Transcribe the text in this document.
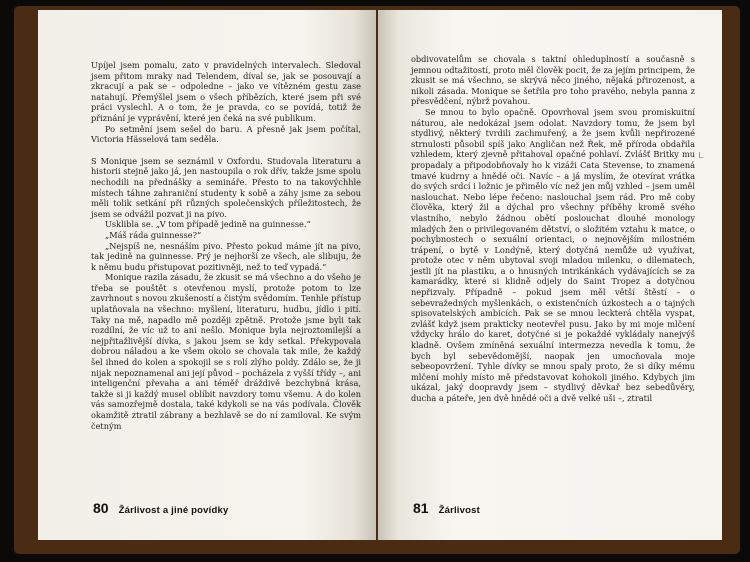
Upíjel jsem pomalu, zato v pravidelných intervalech. Sledoval jsem přitom mraky nad Telendem, díval se, jak se posouvají a zkracují a pak se – odpoledne – jako ve vítězném gestu zase natahují. Přemýšlel jsem o všech příbězích, které jsem při své práci vyslechl. A o tom, že je pravda, co se povídá, totiž že přiznání je vyprávění, které jen čeká na své publikum.

Po setmění jsem sešel do baru. A přesně jak jsem počítal, Victoria Hässelová tam seděla.

S Monique jsem se seznámil v Oxfordu. Studovala literaturu a historii stejně jako já, jen nastoupila o rok dřív, takže jsme spolu nechodili na přednášky a semináře. Přesto to na takovýchhle místech táhne zahraniční studenty k sobě a záhy jsme za sebou měli tolik setkání při různých společenských příležitostech, že jsem se odvážil pozvat ji na pivo.

Usklibla se. „V tom případě jedině na guinnesse.“

„Máš ráda guinnesse?“

„Nejspíš ne, nesnáším pivo. Přesto pokud máme jít na pivo, tak jedině na guinnesse. Prý je nejhorší ze všech, ale slibuju, že k němu budu přistupovat pozitivněji, než to teď vypadá.“

Monique razila zásadu, že zkusit se má všechno a do všeho je třeba se pouštět s otevřenou myslí, protože potom to lze zavrhnout s novou zkušeností a čistým svědomím. Tenhle přístup uplatňovala na všechno: myšlení, literaturu, hudbu, jídlo i pití. Taky na mě, napadlo mě později zpětně. Protože jsme byli tak rozdílní, že víc už to ani nešlo. Monique byla nejroztomilejší a nejpřitažlivější dívka, s jakou jsem se kdy setkal. Překypovala dobrou náladou a ke všem okolo se chovala tak mile, že každý šel ihned do kolen a spokojil se s rolí zlýho poldy. Zdálo se, že ji nijak nepoznamenal ani její původ – pocházela z vyšší třídy –, ani inteligenční převaha a ani téměř dráždivě bezchybná krása, takže si ji každý musel oblíbit navzdory tomu všemu. A do kolen vás samozřejmě dostala, také kdykoli se na vás podívala. Člověk okamžitě ztratil zábrany a bezhlavě se do ní zamiloval. Ke svým četným

80 Žárlivost a jiné povídky

obdivovatelům se chovala s taktní ohleduplností a současně s jemnou odtažitostí, proto měl člověk pocit, že za jejím principem, že zkusit se má všechno, se skrývá něco jiného, nějaká přirozenost, a nikoli zásada. Monique se šetřila pro toho pravého, nebyla panna z přesvědčení, nýbrž povahou.

Se mnou to bylo opačně. Opovrhoval jsem svou promiskuitní náturou, ale nedokázal jsem odolat. Navzdory tomu, že jsem byl stydlivý, některý tvrdili zachmuřený, a že jsem kvůli nepřirozené strnulosti působil spíš jako Angličan než Řek, mě příroda obdařila vzhledem, který zjevně přitahoval opačné pohlaví. Zvlášť Britky mu propadaly a připodobňovaly ho k vizáži Cata Stevense, to znamená tmavé kudrny a hnědé oči. Navíc – a já myslím, že otevírat vrátka do svých srdcí i ložnic je přimělo víc než jen můj vzhled – jsem uměl naslouchat. Nebo lépe řečeno: naslouchal jsem rád. Pro mě coby člověka, který žil a dýchal pro všechny příběhy kromě svého vlastního, nebylo žádnou obětí poslouchat dlouhé monology mladých žen o privilegovaném dětství, o složitém vztahu k matce, o pochybnostech o sexuální orientaci, o nejnovějším milostném trápení, o bytě v Londýně, který dotyčná nemůže už využívat, protože otec v něm ubytoval svoji mladou milenku, o dilematech, jestli jít na plastiku, a o hnusných intrikánkách vydávajících se za kamarádky, které si klidně odjely do Saint Tropez a dotyčnou nepřizvaly. Případně – pokud jsem měl větší štěstí – o sebevražedných myšlenkách, o existenčních úzkostech a o tajných spisovatelských ambicích. Pak se se mnou leckterá chtěla vyspat, zvlášť když jsem prakticky neotevřel pusu. Jako by mi moje mlčení vždycky hrálo do karet, dotyčné si je pokaždé vykládaly nanejvýš kladně. Ovšem zmíněná sexuální intermezza nevedla k tomu, že bych byl sebevědomější, naopak jen umocňovala moje sebeopovržení. Tyhle dívky se mnou spaly proto, že si díky mému mlčení mohly místo mě představovat kohokoli jiného. Kdybych jim ukázal, jaký doopravdy jsem – stydlivý děvkař bez sebedůvěry, ducha a páteře, jen dvě hnědé oči a dvě velké uši –, ztratil

ʟ
81 Žárlivost
